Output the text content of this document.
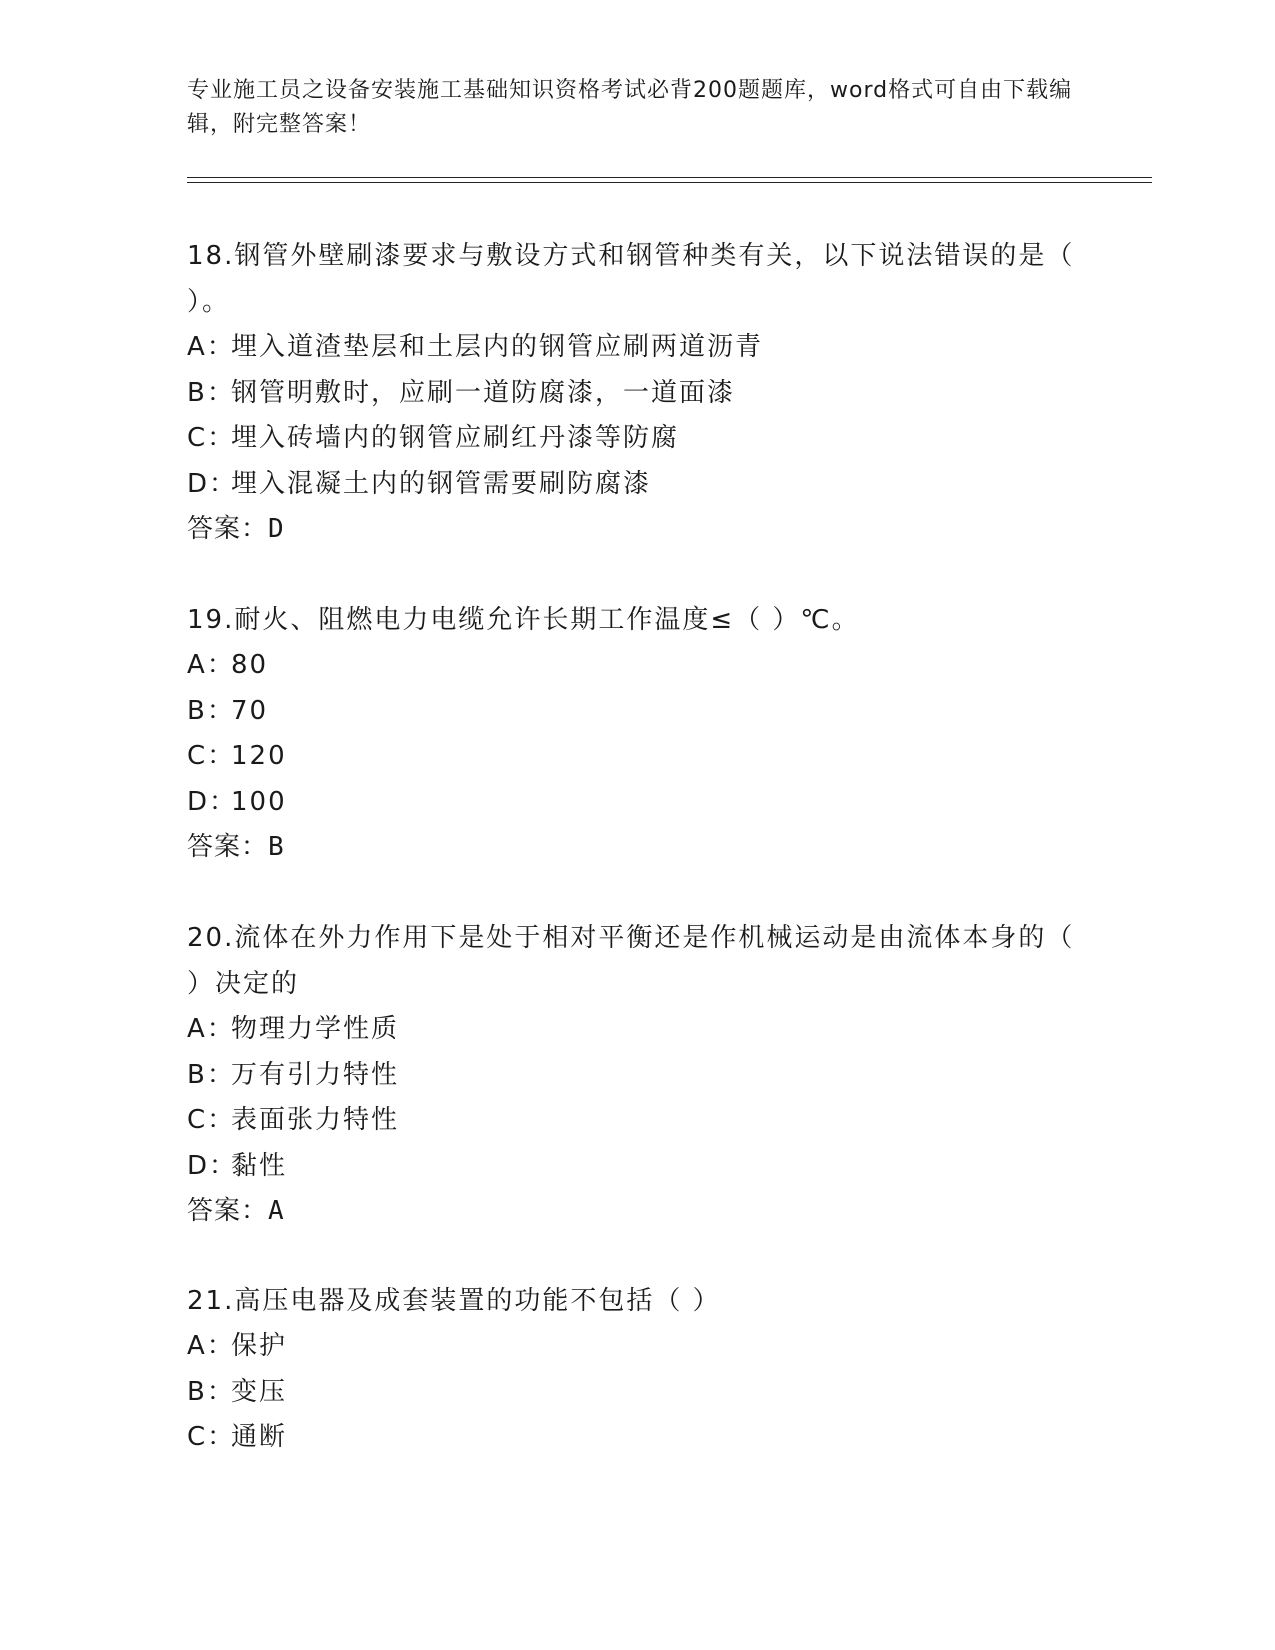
专业施工员之设备安装施工基础知识资格考试必背200题题库，word格式可自由下载编辑，附完整答案！
18.钢管外壁刷漆要求与敷设方式和钢管种类有关，以下说法错误的是（ ）。
A：埋入道渣垫层和土层内的钢管应刷两道沥青
B：钢管明敷时，应刷一道防腐漆，一道面漆
C：埋入砖墙内的钢管应刷红丹漆等防腐
D：埋入混凝土内的钢管需要刷防腐漆
答案：D
19.耐火、阻燃电力电缆允许长期工作温度≤（ ）℃。
A：80
B：70
C：120
D：100
答案：B
20.流体在外力作用下是处于相对平衡还是作机械运动是由流体本身的（ ）决定的
A：物理力学性质
B：万有引力特性
C：表面张力特性
D：黏性
答案：A
21.高压电器及成套装置的功能不包括（ ）
A：保护
B：变压
C：通断
